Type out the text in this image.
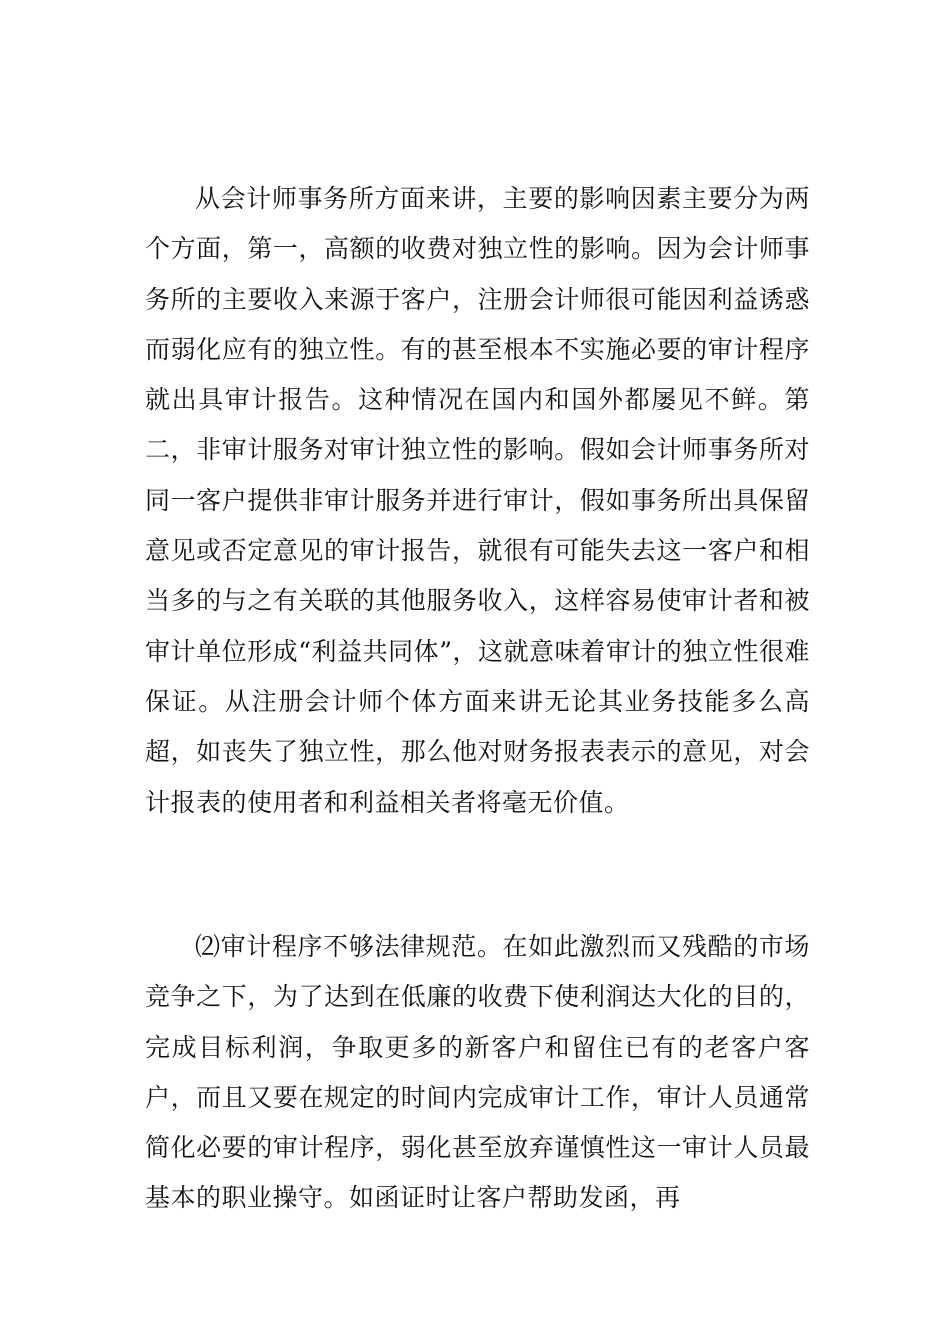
从会计师事务所方面来讲，主要的影响因素主要分为两个方面，第一，高额的收费对独立性的影响。因为会计师事务所的主要收入来源于客户，注册会计师很可能因利益诱惑而弱化应有的独立性。有的甚至根本不实施必要的审计程序就出具审计报告。这种情况在国内和国外都屡见不鲜。第二，非审计服务对审计独立性的影响。假如会计师事务所对同一客户提供非审计服务并进行审计，假如事务所出具保留意见或否定意见的审计报告，就很有可能失去这一客户和相当多的与之有关联的其他服务收入，这样容易使审计者和被审计单位形成“利益共同体”，这就意味着审计的独立性很难保证。从注册会计师个体方面来讲无论其业务技能多么高超，如丧失了独立性，那么他对财务报表表示的意见，对会计报表的使用者和利益相关者将毫无价值。

⑵审计程序不够法律规范。在如此激烈而又残酷的市场竞争之下，为了达到在低廉的收费下使利润达大化的目的，完成目标利润，争取更多的新客户和留住已有的老客户客户，而且又要在规定的时间内完成审计工作，审计人员通常简化必要的审计程序，弱化甚至放弃谨慎性这一审计人员最基本的职业操守。如函证时让客户帮助发函，再
